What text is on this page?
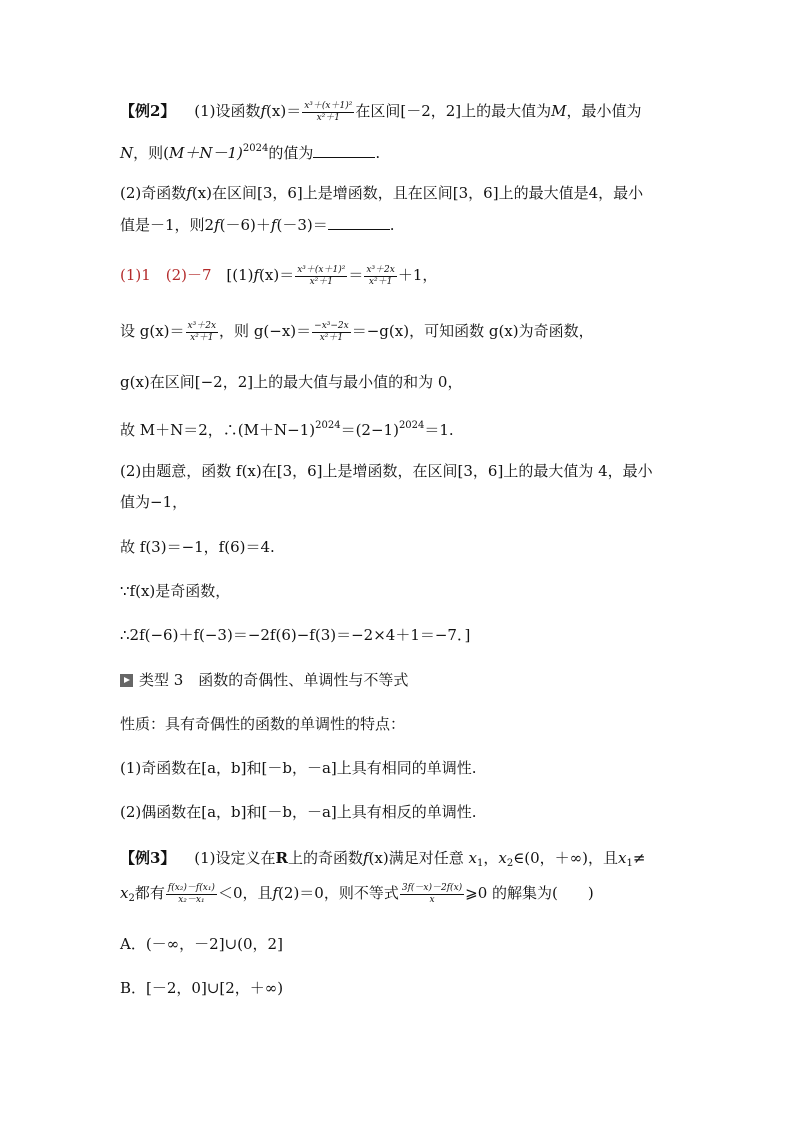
【例2】 (1)设函数$f(x)= \frac{\text{x³＋(x＋1)²}}{\text{x²＋1}}$ 在区间[－2，2]上的最大值为M，最小值为
N，则$(M+N-1)^{2024}$的值为	.
(2)奇函数f(x)在区间[3，6]上是增函数，且在区间[3，6]上的最大值是4，最小
值是－1，则2f(－6)＋f(－3)＝	.
(1)1　(2)－7 [$(1)f(x)= \frac{\text{x³＋(x＋1)²}}{\text{x²＋1}} = \frac{\text{x³＋2x}}{\text{x²＋1}} +1$，
设 $g(x)= \frac{\text{x³＋2x}}{\text{x²＋1}}$ ，则 $g(-x)= \frac{\text{−x³−2x}}{\text{x²＋1}} =-g(x)$，可知函数 g(x)为奇函数，
g(x)在区间[−2，2]上的最大值与最小值的和为 0，
故 M＋N＝2，$\therefore(M+N-1)^{2024}=(2-1)^{2024}=1$.
(2)由题意，函数 f(x)在[3，6]上是增函数，在区间[3，6]上的最大值为 4，最小
值为−1，
故 f(3)＝−1，f(6)＝4.
∵f(x)是奇函数，
∴2f(−6)＋f(−3)＝−2f(6)−f(3)＝−2×4＋1＝−7．]
类型 3　函数的奇偶性、单调性与不等式
性质：具有奇偶性的函数的单调性的特点：
(1)奇函数在[a，b]和[－b，－a]上具有相同的单调性.
(2)偶函数在[a，b]和[－b，－a]上具有相反的单调性.
【例3】 (1)设定义在R上的奇函数f(x)满足对任意 $x_1$，$x_2\in(0$，＋∞)，且$x_1\ne$
$x_2$都有 $\frac{\text{f(x₂)－f(x₁)}}{\text{x₂－x₁}} <0$，且f(2)＝0，则不等式 $\frac{3f(-x)-2f(x)}{x}$ ⩾0 的解集为(　　)
A．(－∞，－2]∪(0，2]
B．[－2，0]∪[2，＋∞)
